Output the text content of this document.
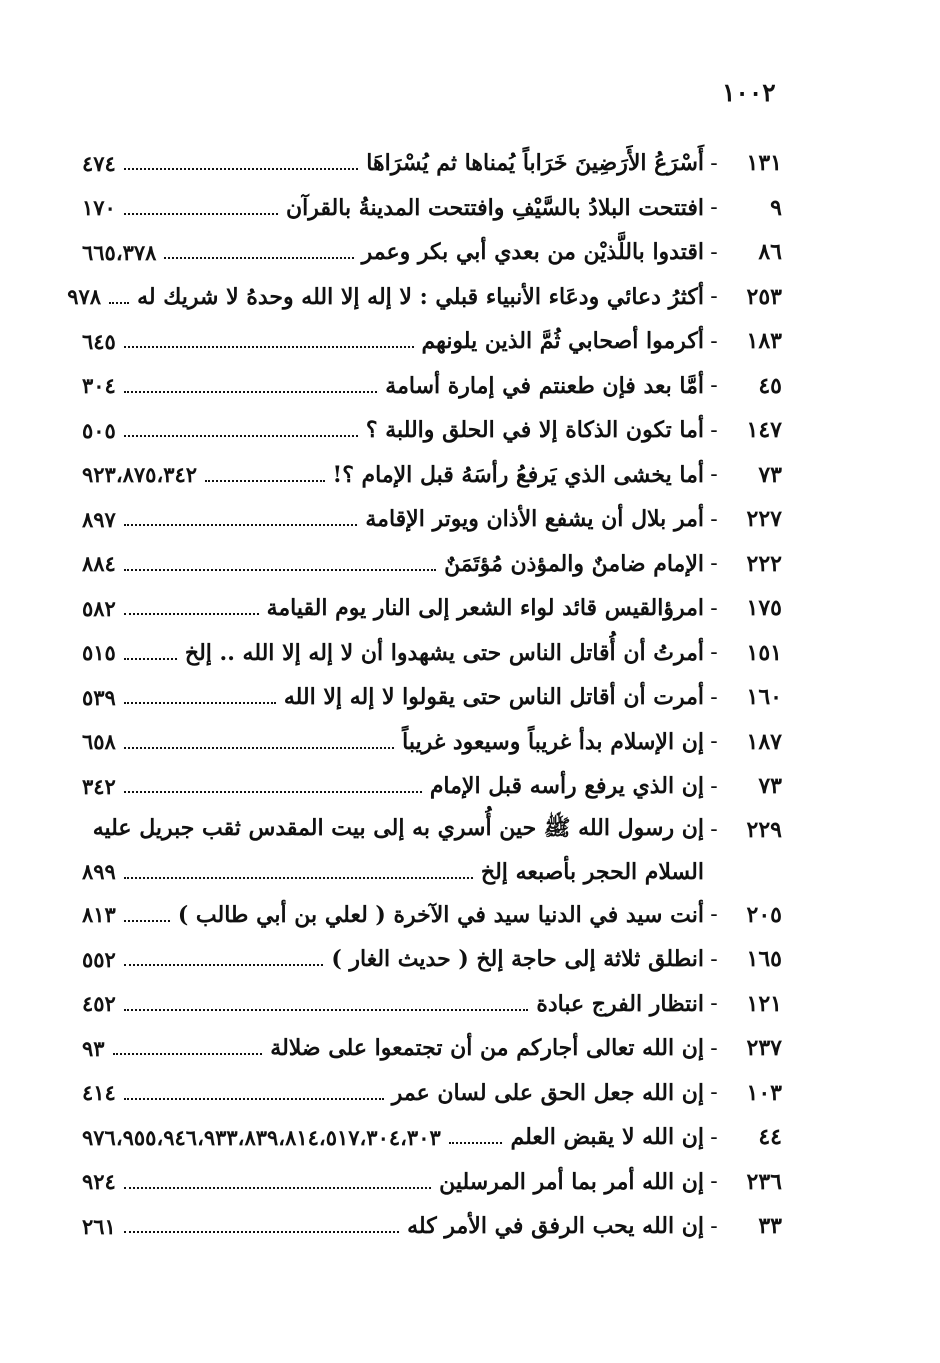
١٠٠٢
١٣١
-
أَسْرَعُ الأَرَضِينَ خَرَاباً يُمناها ثم يُسْرَاهَا
٤٧٤
٩
-
افتتحت البلادُ بالسَّيْفِ وافتتحت المدينةُ بالقرآن
١٧٠
٨٦
-
اقتدوا باللَّذيْن من بعدي أبي بكر وعمر
٦٦٥،٣٧٨
٢٥٣
-
أكثرُ دعائي ودعَاء الأنبياء قبلي : لا إله إلا الله وحدهُ لا شريك له
٩٧٨
١٨٣
-
أكرموا أصحابي ثُمَّ الذين يلونهم
٦٤٥
٤٥
-
أمَّا بعد فإن طعنتم في إمارة أسامة
٣٠٤
١٤٧
-
أما تكون الذكاة إلا في الحلق واللبة ؟
٥٠٥
٧٣
-
أما يخشى الذي يَرفعُ رأسَهُ قبل الإمام ؟!
٩٢٣،٨٧٥،٣٤٢
٢٢٧
-
أمر بلال أن يشفع الأذان ويوتر الإقامة
٨٩٧
٢٢٢
-
الإمام ضامنٌ والمؤذن مُؤتَمَنٌ
٨٨٤
١٧٥
-
امرؤالقيس قائد لواء الشعر إلى النار يوم القيامة
٥٨٢
١٥١
-
أمرتُ أن أُقاتل الناس حتى يشهدوا أن لا إله إلا الله .. إلخ
٥١٥
١٦٠
-
أمرت أن أقاتل الناس حتى يقولوا لا إله إلا الله
٥٣٩
١٨٧
-
إن الإسلام بدأ غريباً وسيعود غريباً
٦٥٨
٧٣
-
إن الذي يرفع رأسه قبل الإمام
٣٤٢
٢٢٩
-
إن رسول الله ﷺ حين أُسري به إلى بيت المقدس ثقب جبريل عليه
السلام الحجر بأصبعه إلخ
٨٩٩
٢٠٥
-
أنت سيد في الدنيا سيد في الآخرة ( لعلي بن أبي طالب )
٨١٣
١٦٥
-
انطلق ثلاثة إلى حاجة إلخ ( حديث الغار )
٥٥٢
١٢١
-
انتظار الفرج عبادة
٤٥٢
٢٣٧
-
إن الله تعالى أجاركم من أن تجتمعوا على ضلالة
٩٣
١٠٣
-
إن الله جعل الحق على لسان عمر
٤١٤
٤٤
-
إن الله لا يقبض العلم
٩٧٦،٩٥٥،٩٤٦،٩٣٣،٨٣٩،٨١٤،٥١٧،٣٠٤،٣٠٣
٢٣٦
-
إن الله أمر بما أمر المرسلين
٩٢٤
٣٣
-
إن الله يحب الرفق في الأمر كله
٢٦١
